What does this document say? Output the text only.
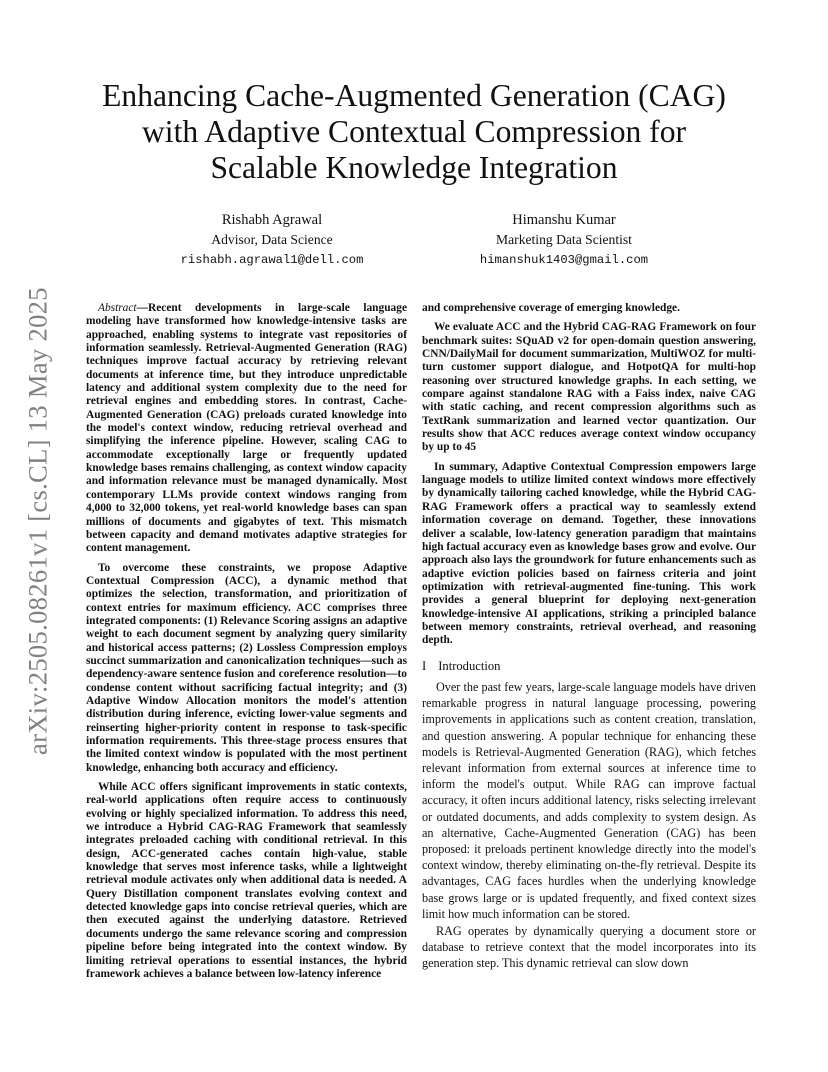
arXiv:2505.08261v1 [cs.CL] 13 May 2025
Enhancing Cache-Augmented Generation (CAG)
with Adaptive Contextual Compression for
Scalable Knowledge Integration
Rishabh Agrawal
Advisor, Data Science
rishabh.agrawal1@dell.com
Himanshu Kumar
Marketing Data Scientist
himanshuk1403@gmail.com

Abstract—Recent developments in large-scale language modeling have transformed how knowledge-intensive tasks are approached, enabling systems to integrate vast repositories of information seamlessly. Retrieval-Augmented Generation (RAG) techniques improve factual accuracy by retrieving relevant documents at inference time, but they introduce unpredictable latency and additional system complexity due to the need for retrieval engines and embedding stores. In contrast, Cache-Augmented Generation (CAG) preloads curated knowledge into the model's context window, reducing retrieval overhead and simplifying the inference pipeline. However, scaling CAG to accommodate exceptionally large or frequently updated knowledge bases remains challenging, as context window capacity and information relevance must be managed dynamically. Most contemporary LLMs provide context windows ranging from 4,000 to 32,000 tokens, yet real-world knowledge bases can span millions of documents and gigabytes of text. This mismatch between capacity and demand motivates adaptive strategies for content management.

To overcome these constraints, we propose Adaptive Contextual Compression (ACC), a dynamic method that optimizes the selection, transformation, and prioritization of context entries for maximum efficiency. ACC comprises three integrated components: (1) Relevance Scoring assigns an adaptive weight to each document segment by analyzing query similarity and historical access patterns; (2) Lossless Compression employs succinct summarization and canonicalization techniques—such as dependency-aware sentence fusion and coreference resolution—to condense content without sacrificing factual integrity; and (3) Adaptive Window Allocation monitors the model's attention distribution during inference, evicting lower-value segments and reinserting higher-priority content in response to task-specific information requirements. This three-stage process ensures that the limited context window is populated with the most pertinent knowledge, enhancing both accuracy and efficiency.

While ACC offers significant improvements in static contexts, real-world applications often require access to continuously evolving or highly specialized information. To address this need, we introduce a Hybrid CAG-RAG Framework that seamlessly integrates preloaded caching with conditional retrieval. In this design, ACC-generated caches contain high-value, stable knowledge that serves most inference tasks, while a lightweight retrieval module activates only when additional data is needed. A Query Distillation component translates evolving context and detected knowledge gaps into concise retrieval queries, which are then executed against the underlying datastore. Retrieved documents undergo the same relevance scoring and compression pipeline before being integrated into the context window. By limiting retrieval operations to essential instances, the hybrid framework achieves a balance between low-latency inference

and comprehensive coverage of emerging knowledge.

We evaluate ACC and the Hybrid CAG-RAG Framework on four benchmark suites: SQuAD v2 for open-domain question answering, CNN/DailyMail for document summarization, MultiWOZ for multi-turn customer support dialogue, and HotpotQA for multi-hop reasoning over structured knowledge graphs. In each setting, we compare against standalone RAG with a Faiss index, naive CAG with static caching, and recent compression algorithms such as TextRank summarization and learned vector quantization. Our results show that ACC reduces average context window occupancy by up to 45

In summary, Adaptive Contextual Compression empowers large language models to utilize limited context windows more effectively by dynamically tailoring cached knowledge, while the Hybrid CAG-RAG Framework offers a practical way to seamlessly extend information coverage on demand. Together, these innovations deliver a scalable, low-latency generation paradigm that maintains high factual accuracy even as knowledge bases grow and evolve. Our approach also lays the groundwork for future enhancements such as adaptive eviction policies based on fairness criteria and joint optimization with retrieval-augmented fine-tuning. This work provides a general blueprint for deploying next-generation knowledge-intensive AI applications, striking a principled balance between memory constraints, retrieval overhead, and reasoning depth.

I Introduction

Over the past few years, large-scale language models have driven remarkable progress in natural language processing, powering improvements in applications such as content creation, translation, and question answering. A popular technique for enhancing these models is Retrieval-Augmented Generation (RAG), which fetches relevant information from external sources at inference time to inform the model's output. While RAG can improve factual accuracy, it often incurs additional latency, risks selecting irrelevant or outdated documents, and adds complexity to system design. As an alternative, Cache-Augmented Generation (CAG) has been proposed: it preloads pertinent knowledge directly into the model's context window, thereby eliminating on-the-fly retrieval. Despite its advantages, CAG faces hurdles when the underlying knowledge base grows large or is updated frequently, and fixed context sizes limit how much information can be stored.

RAG operates by dynamically querying a document store or database to retrieve context that the model incorporates into its generation step. This dynamic retrieval can slow down
